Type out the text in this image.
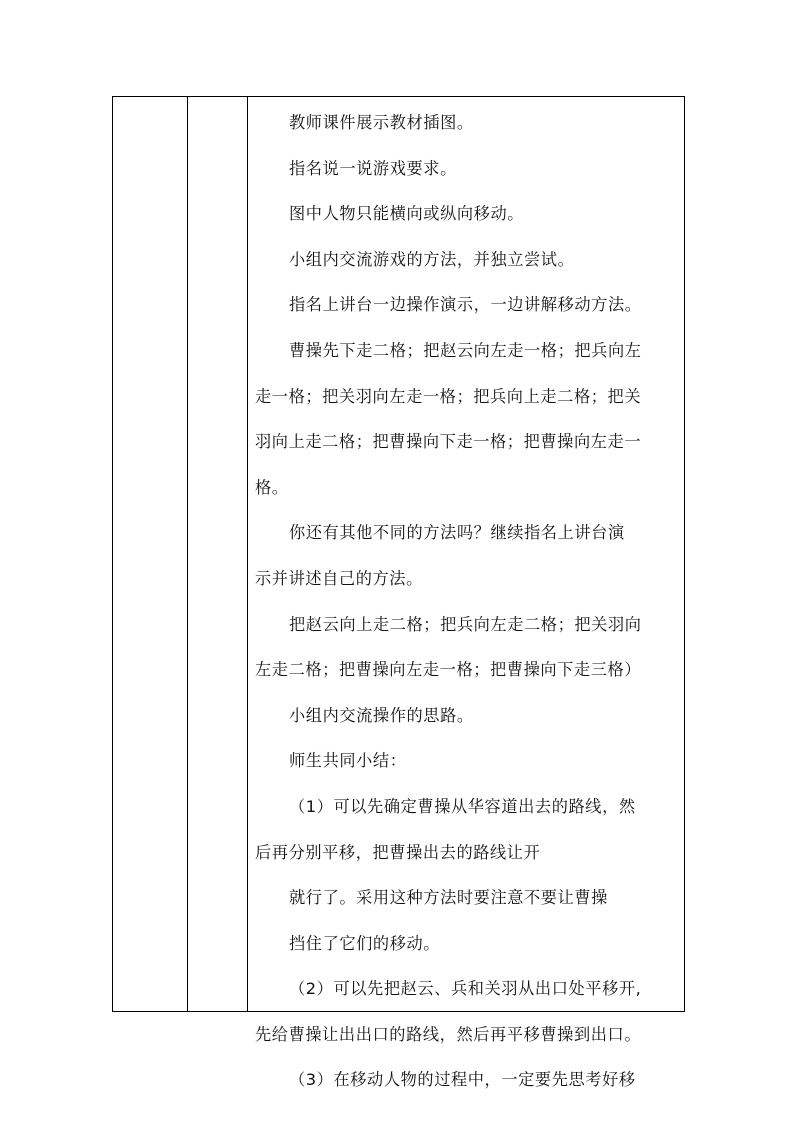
教师课件展示教材插图。

指名说一说游戏要求。

图中人物只能横向或纵向移动。

小组内交流游戏的方法，并独立尝试。

指名上讲台一边操作演示，一边讲解移动方法。

曹操先下走二格；把赵云向左走一格；把兵向左

走一格；把关羽向左走一格；把兵向上走二格；把关

羽向上走二格；把曹操向下走一格；把曹操向左走一

格。

你还有其他不同的方法吗？继续指名上讲台演

示并讲述自己的方法。

把赵云向上走二格；把兵向左走二格；把关羽向

左走二格；把曹操向左走一格；把曹操向下走三格）

小组内交流操作的思路。

师生共同小结：

（1）可以先确定曹操从华容道出去的路线，然

后再分别平移，把曹操出去的路线让开

就行了。采用这种方法时要注意不要让曹操

挡住了它们的移动。

（2）可以先把赵云、兵和关羽从出口处平移开,

先给曹操让出出口的路线，然后再平移曹操到出口。

（3）在移动人物的过程中，一定要先思考好移
